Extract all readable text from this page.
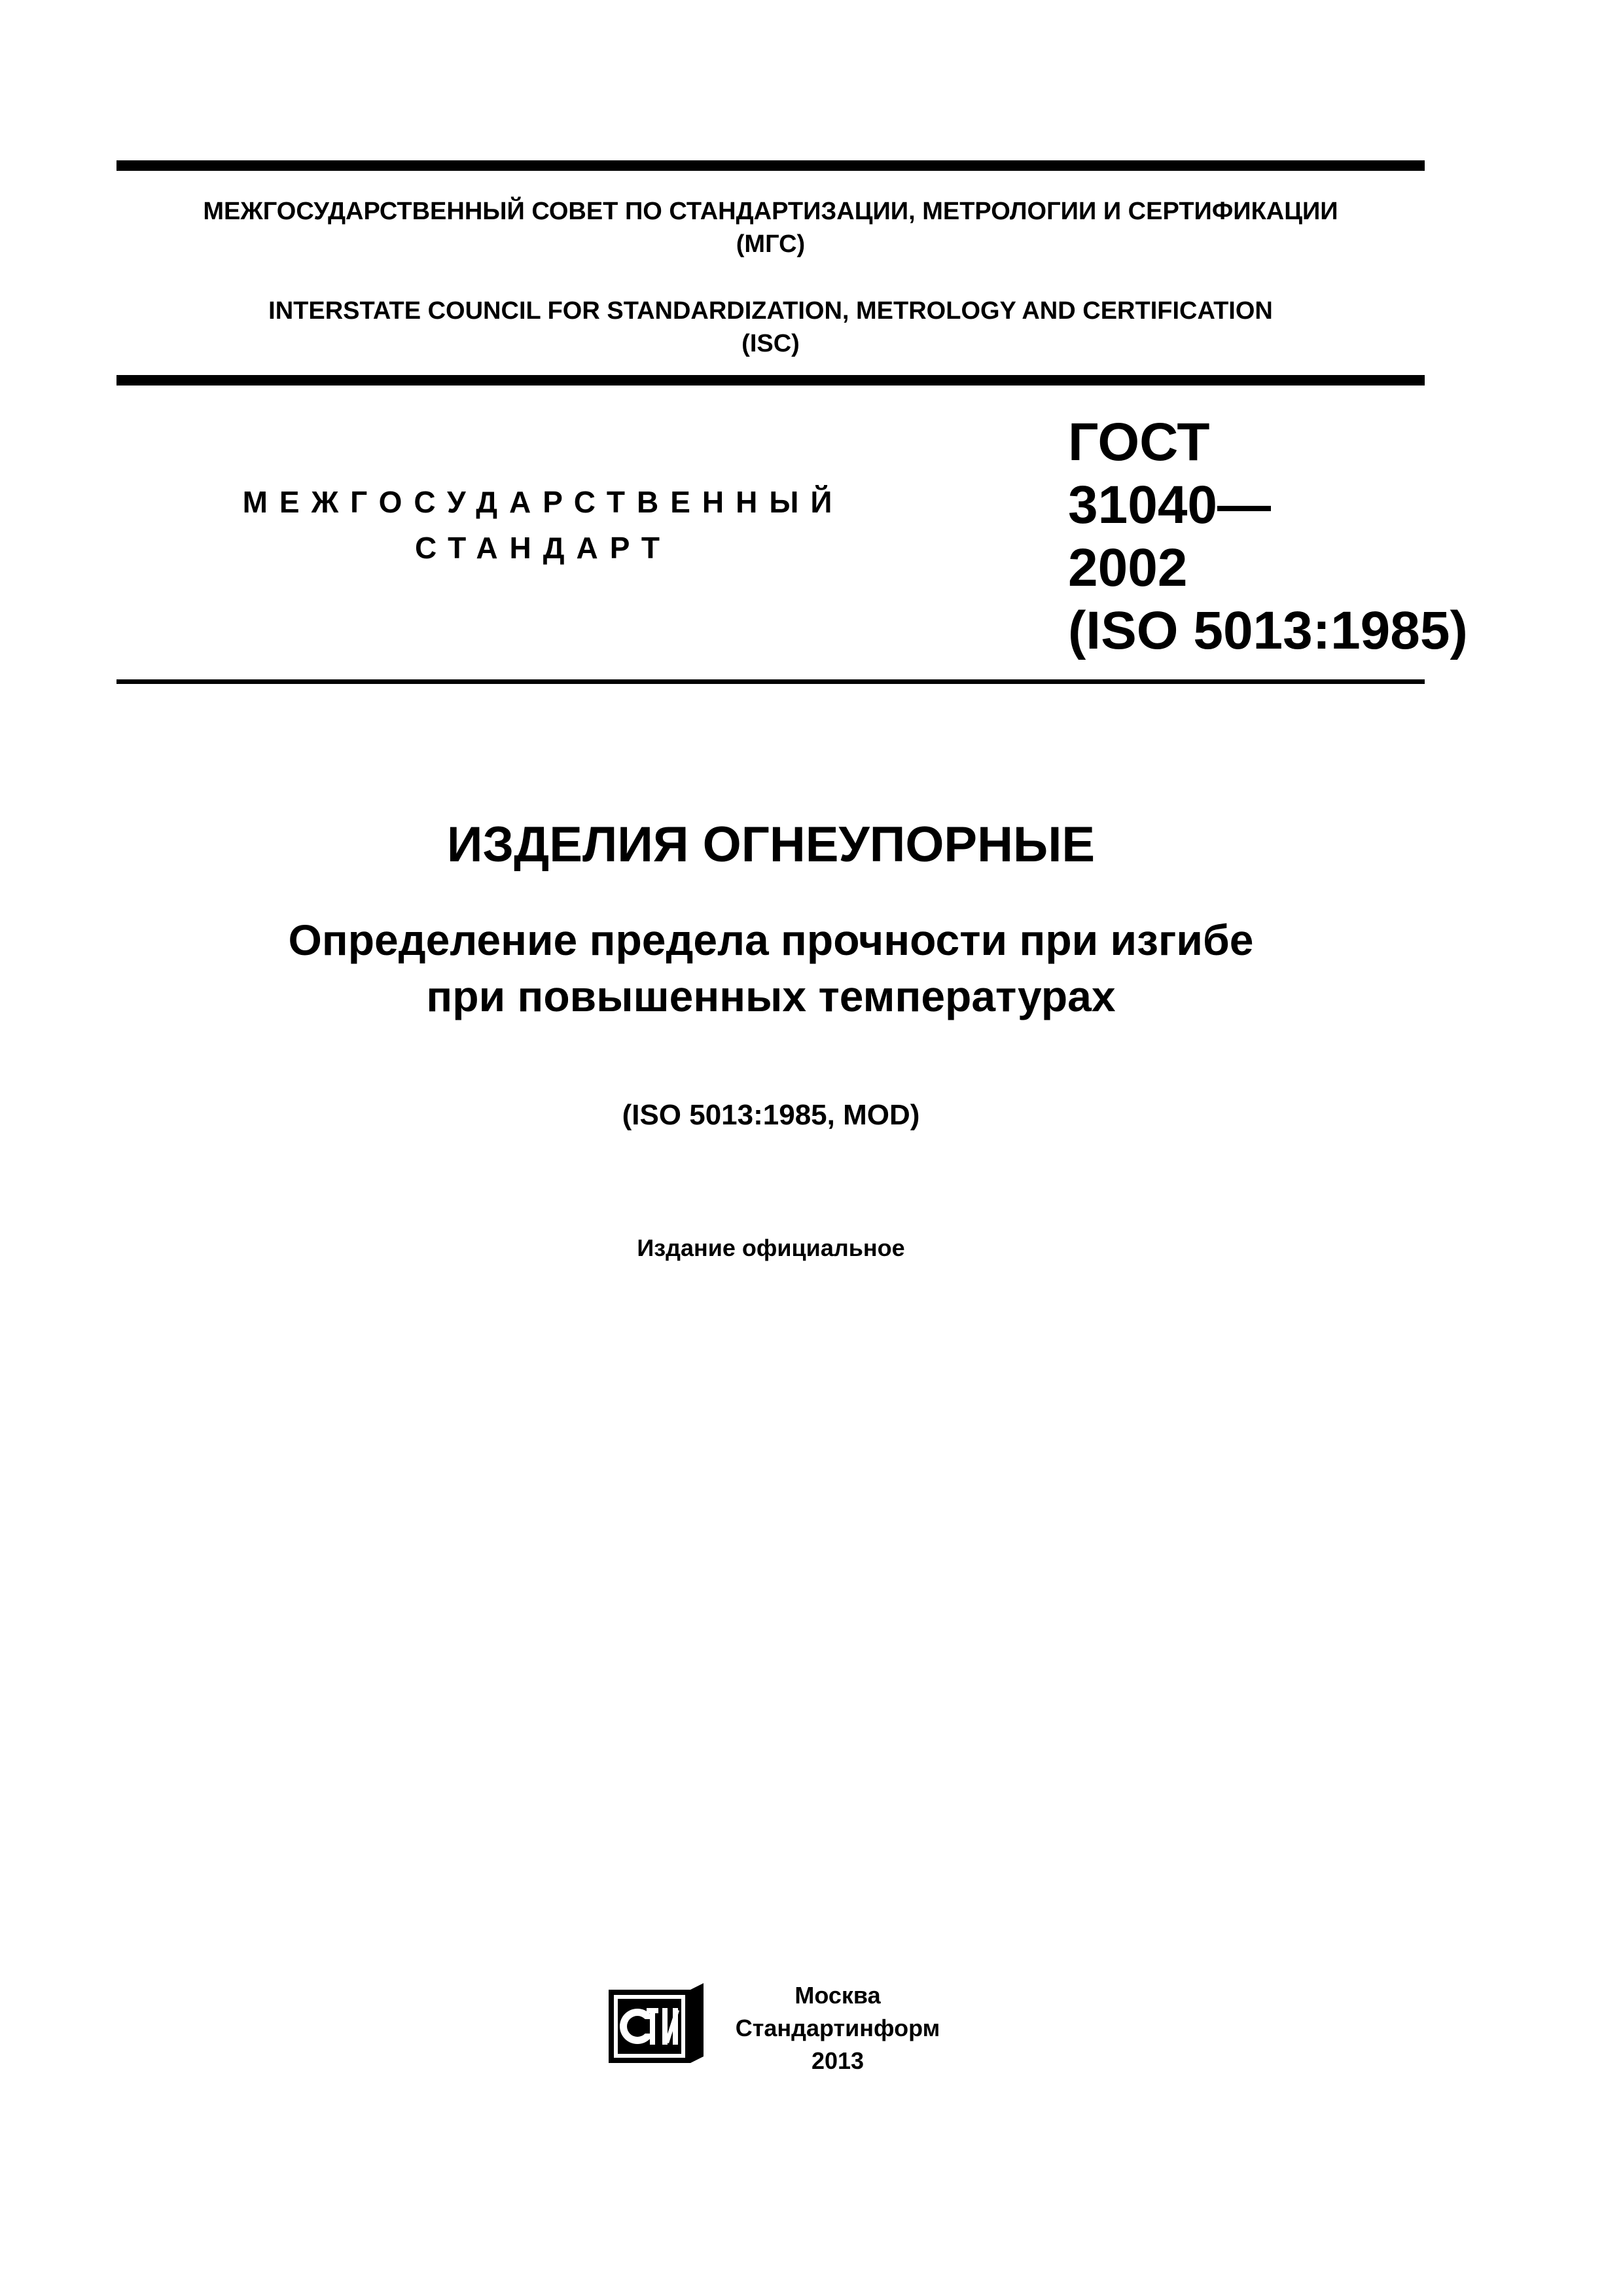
МЕЖГОСУДАРСТВЕННЫЙ СОВЕТ ПО СТАНДАРТИЗАЦИИ, МЕТРОЛОГИИ И СЕРТИФИКАЦИИ
(МГС)
INTERSTATE COUNCIL FOR STANDARDIZATION, METROLOGY AND CERTIFICATION
(ISC)
МЕЖГОСУДАРСТВЕННЫЙ
СТАНДАРТ
ГОСТ
31040—
2002
(ISO 5013:1985)
ИЗДЕЛИЯ ОГНЕУПОРНЫЕ
Определение предела прочности при изгибе
при повышенных температурах
(ISO 5013:1985, MOD)
Издание официальное
Москва
Стандартинформ
2013
